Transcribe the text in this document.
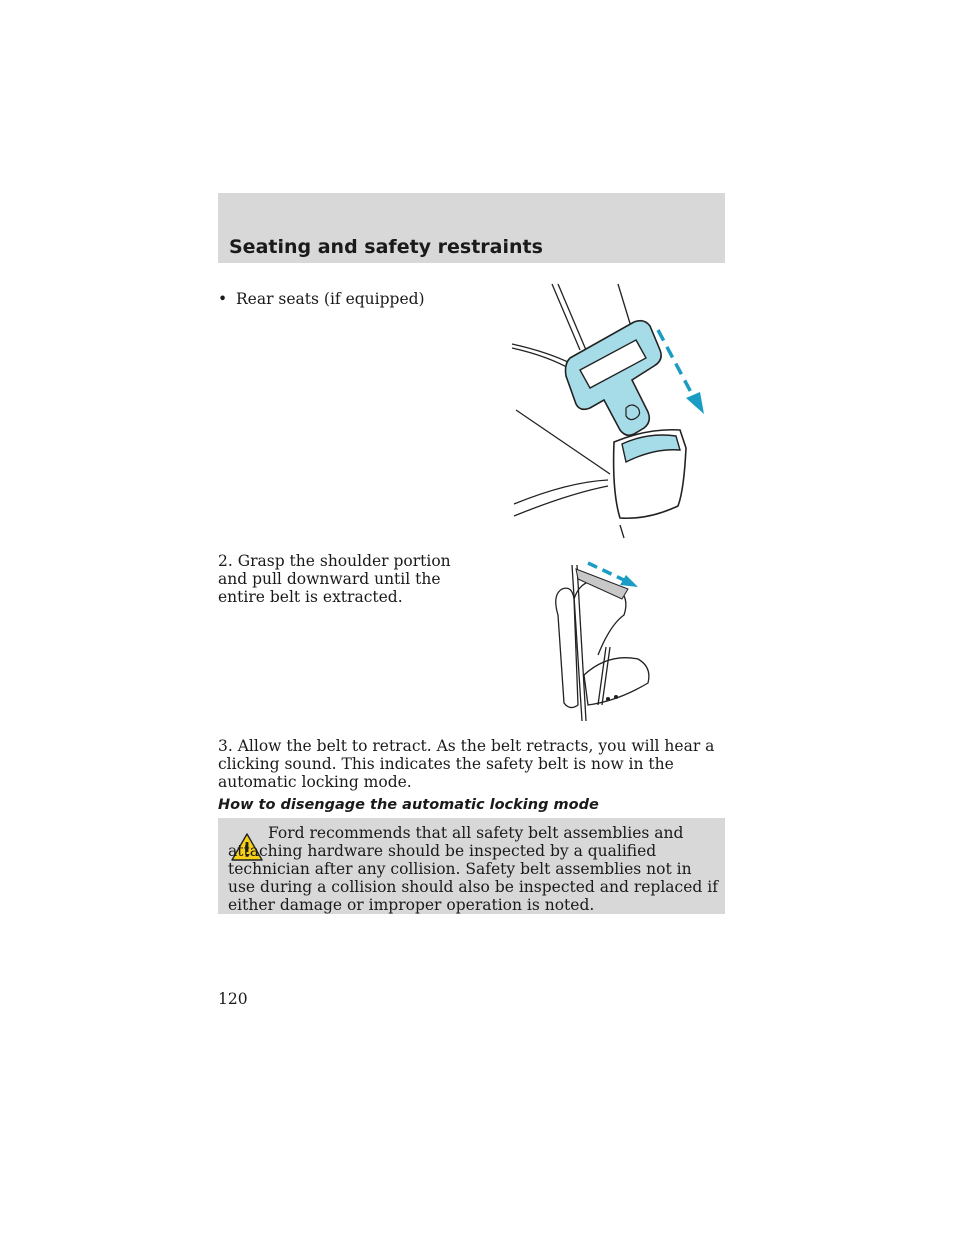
Seating and safety restraints
• Rear seats (if equipped)

2. Grasp the shoulder portion and pull downward until the entire belt is extracted.

3. Allow the belt to retract. As the belt retracts, you will hear a clicking sound. This indicates the safety belt is now in the automatic locking mode.

How to disengage the automatic locking mode

Ford recommends that all safety belt assemblies and attaching hardware should be inspected by a qualified technician after any collision. Safety belt assemblies not in use during a collision should also be inspected and replaced if either damage or improper operation is noted.

120
